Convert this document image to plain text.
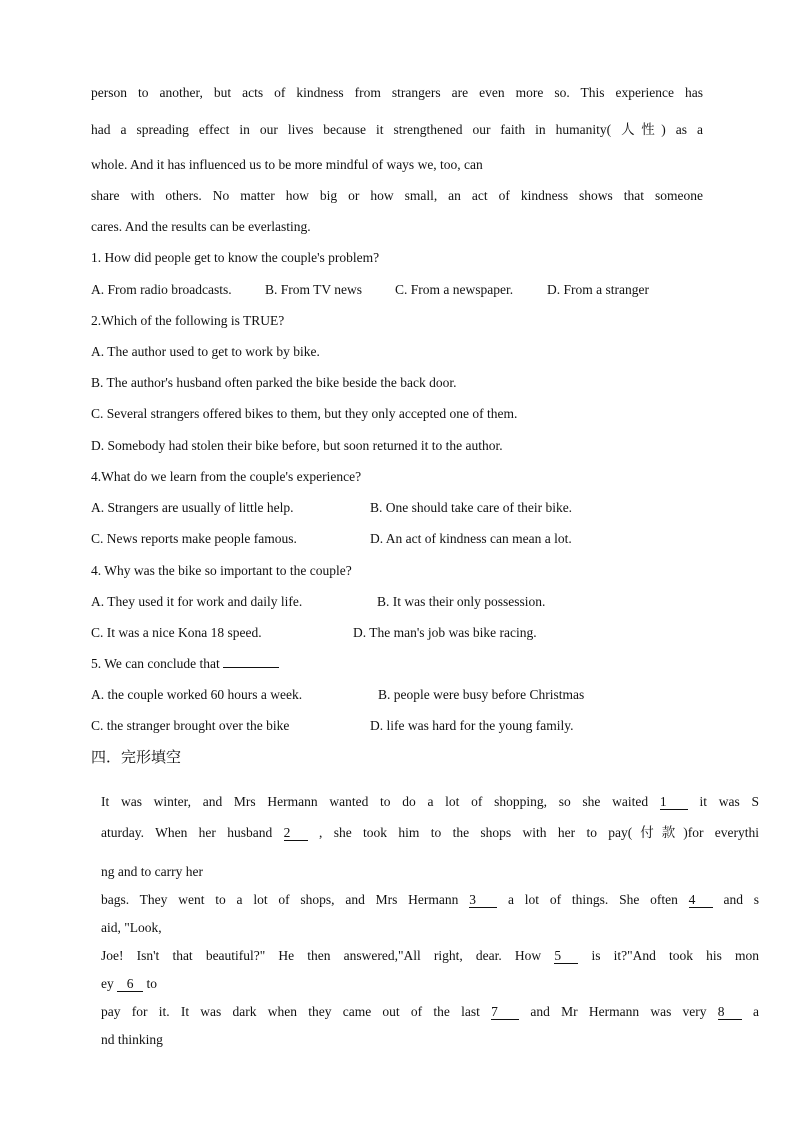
person to another, but acts of kindness from strangers are even more so. This experience has
had a spreading effect in our lives because it strengthened our faith in humanity( 人性) as a
whole. And it has influenced us to be more mindful of ways we, too, can
share with others. No matter how big or how small, an act of kindness shows that someone
cares. And the results can be everlasting.
1. How did people get to know the couple's problem?
A. From radio broadcasts. B. From TV news C. From a newspaper.	D. From a stranger
2.Which of the following is TRUE?
A. The author used to get to work by bike.
B. The author's husband often parked the bike beside the back door.
C. Several strangers offered bikes to them, but they only accepted one of them.
D. Somebody had stolen their bike before, but soon returned it to the author.
4.What do we learn from the couple's experience?
A. Strangers are usually of little help.	B. One should take care of their bike.
C. News reports make people famous.	D. An act of kindness can mean a lot.
4. Why was the bike so important to the couple?
A. They used it for work and daily life.	B. It was their only possession.
C. It was a nice Kona 18 speed.	D. The man's job was bike racing.
5. We can conclude that
A. the couple worked 60 hours a week.	B. people were busy before Christmas
C. the stranger brought over the bike	D. life was hard for the young family.
四．完形填空
It was winter, and Mrs Hermann wanted to do a lot of shopping, so she waited 1 it was S
aturday. When her husband 2 , she took him to the shops with her to pay(付款)for everythi
ng and to carry her
bags. They went to a lot of shops, and Mrs Hermann 3 a lot of things. She often 4 and s
aid, "Look,
Joe! Isn't that beautiful?" He then answered,"All right, dear. How 5 is it?"And took his mon
ey 6 to
pay for it. It was dark when they came out of the last 7 and Mr Hermann was very 8 a
nd thinking
